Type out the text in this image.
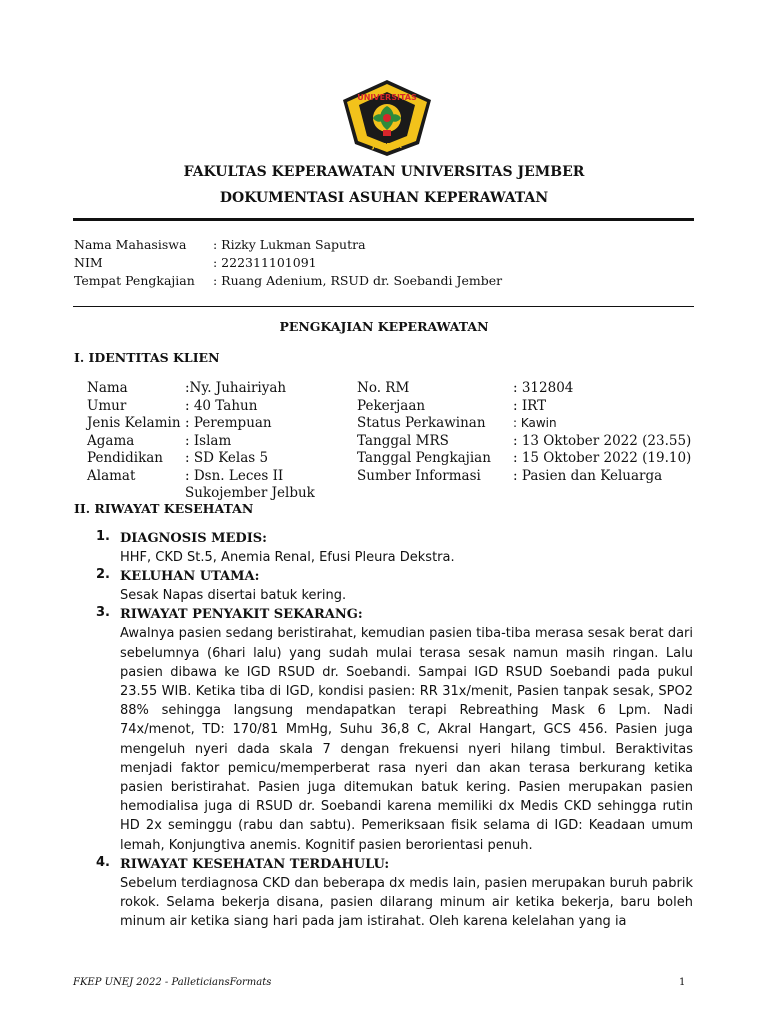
UNIVERSITAS
JEMBER
FAKULTAS KEPERAWATAN UNIVERSITAS JEMBER
DOKUMENTASI ASUHAN KEPERAWATAN
Nama Mahasiswa	: Rizky Lukman Saputra
NIM	: 222311101091
Tempat Pengkajian	: Ruang Adenium, RSUD dr. Soebandi Jember
PENGKAJIAN KEPERAWATAN
I. IDENTITAS KLIEN
Nama	:Ny. Juhairiyah	No. RM	: 312804
Umur	: 40 Tahun	Pekerjaan	: IRT
Jenis Kelamin : Perempuan	Status Perkawinan	: Kawin
Agama	: Islam	Tanggal MRS	: 13 Oktober 2022 (23.55)
Pendidikan	: SD Kelas 5	Tanggal Pengkajian	: 15 Oktober 2022 (19.10)
Alamat	: Dsn. Leces II	Sumber Informasi	: Pasien dan Keluarga
Sukojember Jelbuk
II. RIWAYAT KESEHATAN
1. DIAGNOSIS MEDIS:
HHF, CKD St.5, Anemia Renal, Efusi Pleura Dekstra.
2. KELUHAN UTAMA:
Sesak Napas disertai batuk kering.
3. RIWAYAT PENYAKIT SEKARANG:
Awalnya pasien sedang beristirahat, kemudian pasien tiba-tiba merasa sesak berat dari sebelumnya (6hari lalu) yang sudah mulai terasa sesak namun masih ringan. Lalu pasien dibawa ke IGD RSUD dr. Soebandi. Sampai IGD RSUD Soebandi pada pukul 23.55 WIB. Ketika tiba di IGD, kondisi pasien: RR 31x/menit, Pasien tanpak sesak, SPO2 88% sehingga langsung mendapatkan terapi Rebreathing Mask 6 Lpm. Nadi 74x/menot, TD: 170/81 MmHg, Suhu 36,8 C, Akral Hangart, GCS 456. Pasien juga mengeluh nyeri dada skala 7 dengan frekuensi nyeri hilang timbul. Beraktivitas menjadi faktor pemicu/memperberat rasa nyeri dan akan terasa berkurang ketika pasien beristirahat. Pasien juga ditemukan batuk kering. Pasien merupakan pasien hemodialisa juga di RSUD dr. Soebandi karena memiliki dx Medis CKD sehingga rutin HD 2x seminggu (rabu dan sabtu). Pemeriksaan fisik selama di IGD: Keadaan umum lemah, Konjungtiva anemis. Kognitif pasien berorientasi penuh.
4. RIWAYAT KESEHATAN TERDAHULU:
Sebelum terdiagnosa CKD dan beberapa dx medis lain, pasien merupakan buruh pabrik rokok. Selama bekerja disana, pasien dilarang minum air ketika bekerja, baru boleh minum air ketika siang hari pada jam istirahat. Oleh karena kelelahan yang ia
FKEP UNEJ 2022 - PalleticiansFormats	1
